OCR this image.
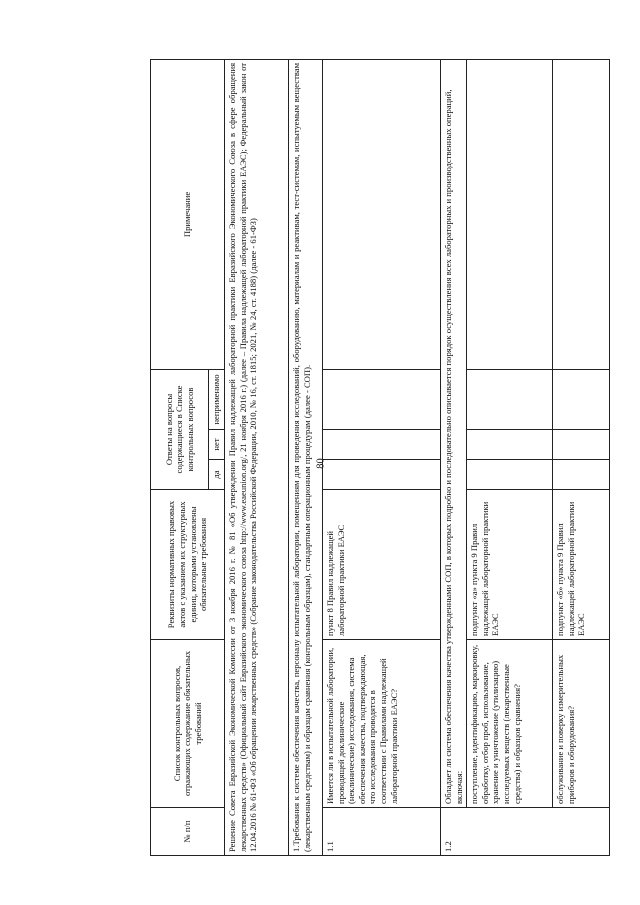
80
№ п/п	Список контрольных вопросов, отражающих содержание обязательных требований	Реквизиты нормативных правовых актов с указанием их структурных единиц, которыми установлены обязательные требования	Ответы на вопросы содержащиеся в Списке контрольных вопросов			Примечание
			да	нет	неприменимо	
Решение Совета Евразийской Экономической Комиссии от 3 ноября 2016 г. № 81 «Об утверждении Правил надлежащей лабораторной практики Евразийского Экономического Союза в сфере обращения лекарственных средств» (Официальный сайт Евразийского экономического союза http://www.eaeunion.org/, 21 ноября 2016 г.) (далее – Правила надлежащей лабораторной практики ЕАЭС); Федеральный закон от 12.04.2016 № 61-ФЗ «Об обращении лекарственных средств» (Собрание законодательства Российской Федерации, 2010, № 16, ст. 1815; 2021, № 24, ст. 4188) (далее - 61-ФЗ)						
1.Требования к системе обеспечения качества, персоналу испытательной лаборатории, помещениям для проведения исследований, оборудованию, материалам и реактивам, тест-системам, испытуемым веществам (лекарственным средствам) и образцам сравнения (контрольным образцам), стандартным операционным процедурам (далее - СОП).						
1.1	Имеется ли в испытательной лаборатории, проводящей доклинические (неклинические) исследования, система обеспечения качества, подтверждающая, что исследования проводятся в соответствии с Правилами надлежащей лабораторной практики ЕАЭС?	пункт 8 Правил надлежащей лабораторной практики ЕАЭС				
1.2	Обладает ли система обеспечения качества утвержденными СОП, в которых подробно и последовательно описывается порядок осуществления всех лабораторных и производственных операций, включая:					
	поступление, идентификацию, маркировку, обработку, отбор проб, использование, хранение и уничтожение (утилизацию) исследуемых веществ (лекарственные средства) и образцов сравнения?	подпункт «а» пункта 9 Правил надлежащей лабораторной практики ЕАЭС				
	обслуживание и поверку измерительных приборов и оборудования?	подпункт «б» пункта 9 Правил надлежащей лабораторной практики ЕАЭС				
